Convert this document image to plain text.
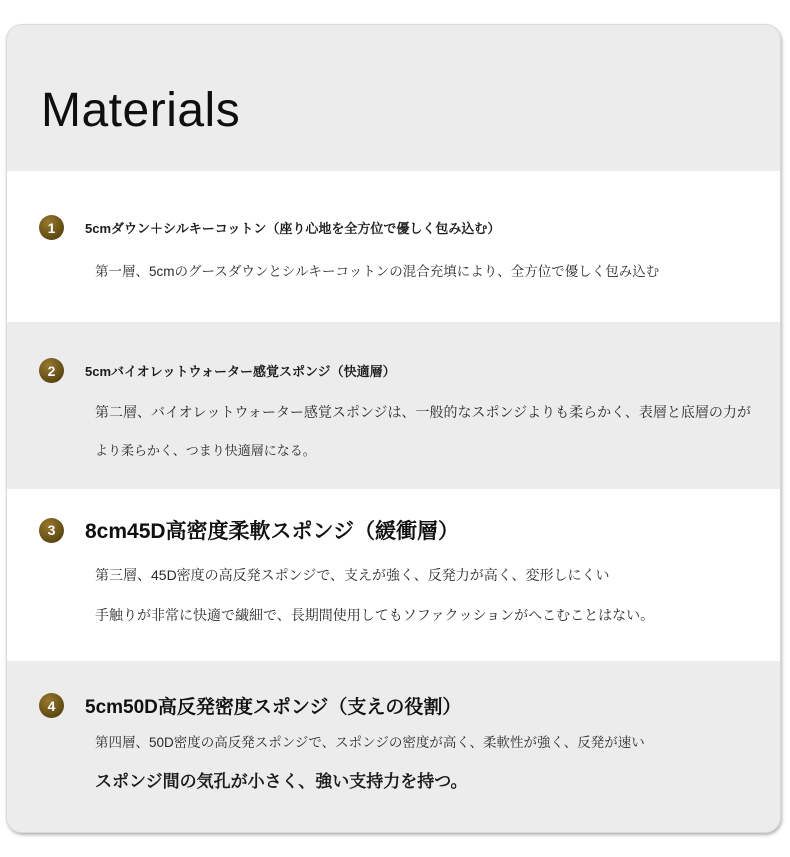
Materials
1 5cmダウン＋シルキーコットン（座り心地を全方位で優しく包み込む）

第一層、5cmのグースダウンとシルキーコットンの混合充填により、全方位で優しく包み込む

2 5cmバイオレットウォーター感覚スポンジ（快適層）

第二層、バイオレットウォーター感覚スポンジは、一般的なスポンジよりも柔らかく、表層と底層の力が

より柔らかく、つまり快適層になる。

3 8cm45D高密度柔軟スポンジ（緩衝層）

第三層、45D密度の高反発スポンジで、支えが強く、反発力が高く、変形しにくい

手触りが非常に快適で繊細で、長期間使用してもソファクッションがへこむことはない。

4 5cm50D高反発密度スポンジ（支えの役割）

第四層、50D密度の高反発スポンジで、スポンジの密度が高く、柔軟性が強く、反発が速い

スポンジ間の気孔が小さく、強い支持力を持つ。
